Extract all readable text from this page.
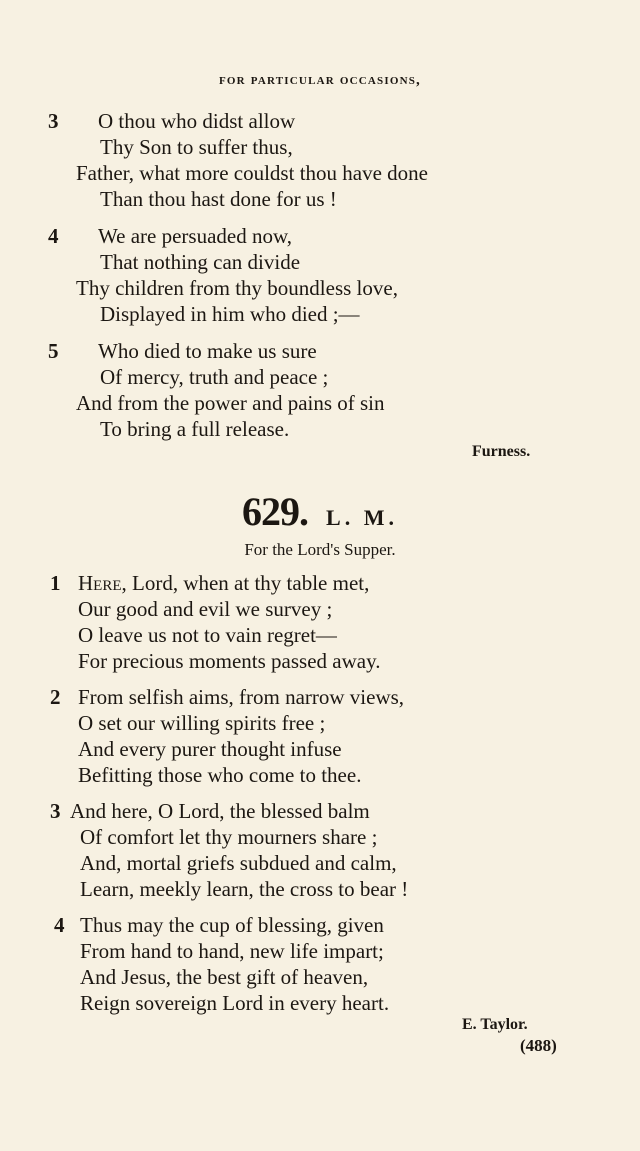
for particular occasions,
3 O thou who didst allow
Thy Son to suffer thus,
Father, what more couldst thou have done
Than thou hast done for us !
4 We are persuaded now,
That nothing can divide
Thy children from thy boundless love,
Displayed in him who died ;—
5 Who died to make us sure
Of mercy, truth and peace ;
And from the power and pains of sin
To bring a full release.
Furness.
629. L. M.
For the Lord's Supper.
1 Here, Lord, when at thy table met,
Our good and evil we survey ;
O leave us not to vain regret—
For precious moments passed away.
2 From selfish aims, from narrow views,
O set our willing spirits free ;
And every purer thought infuse
Befitting those who come to thee.
3 And here, O Lord, the blessed balm
Of comfort let thy mourners share ;
And, mortal griefs subdued and calm,
Learn, meekly learn, the cross to bear !
4 Thus may the cup of blessing, given
From hand to hand, new life impart;
And Jesus, the best gift of heaven,
Reign sovereign Lord in every heart.
E. Taylor.
(488)
